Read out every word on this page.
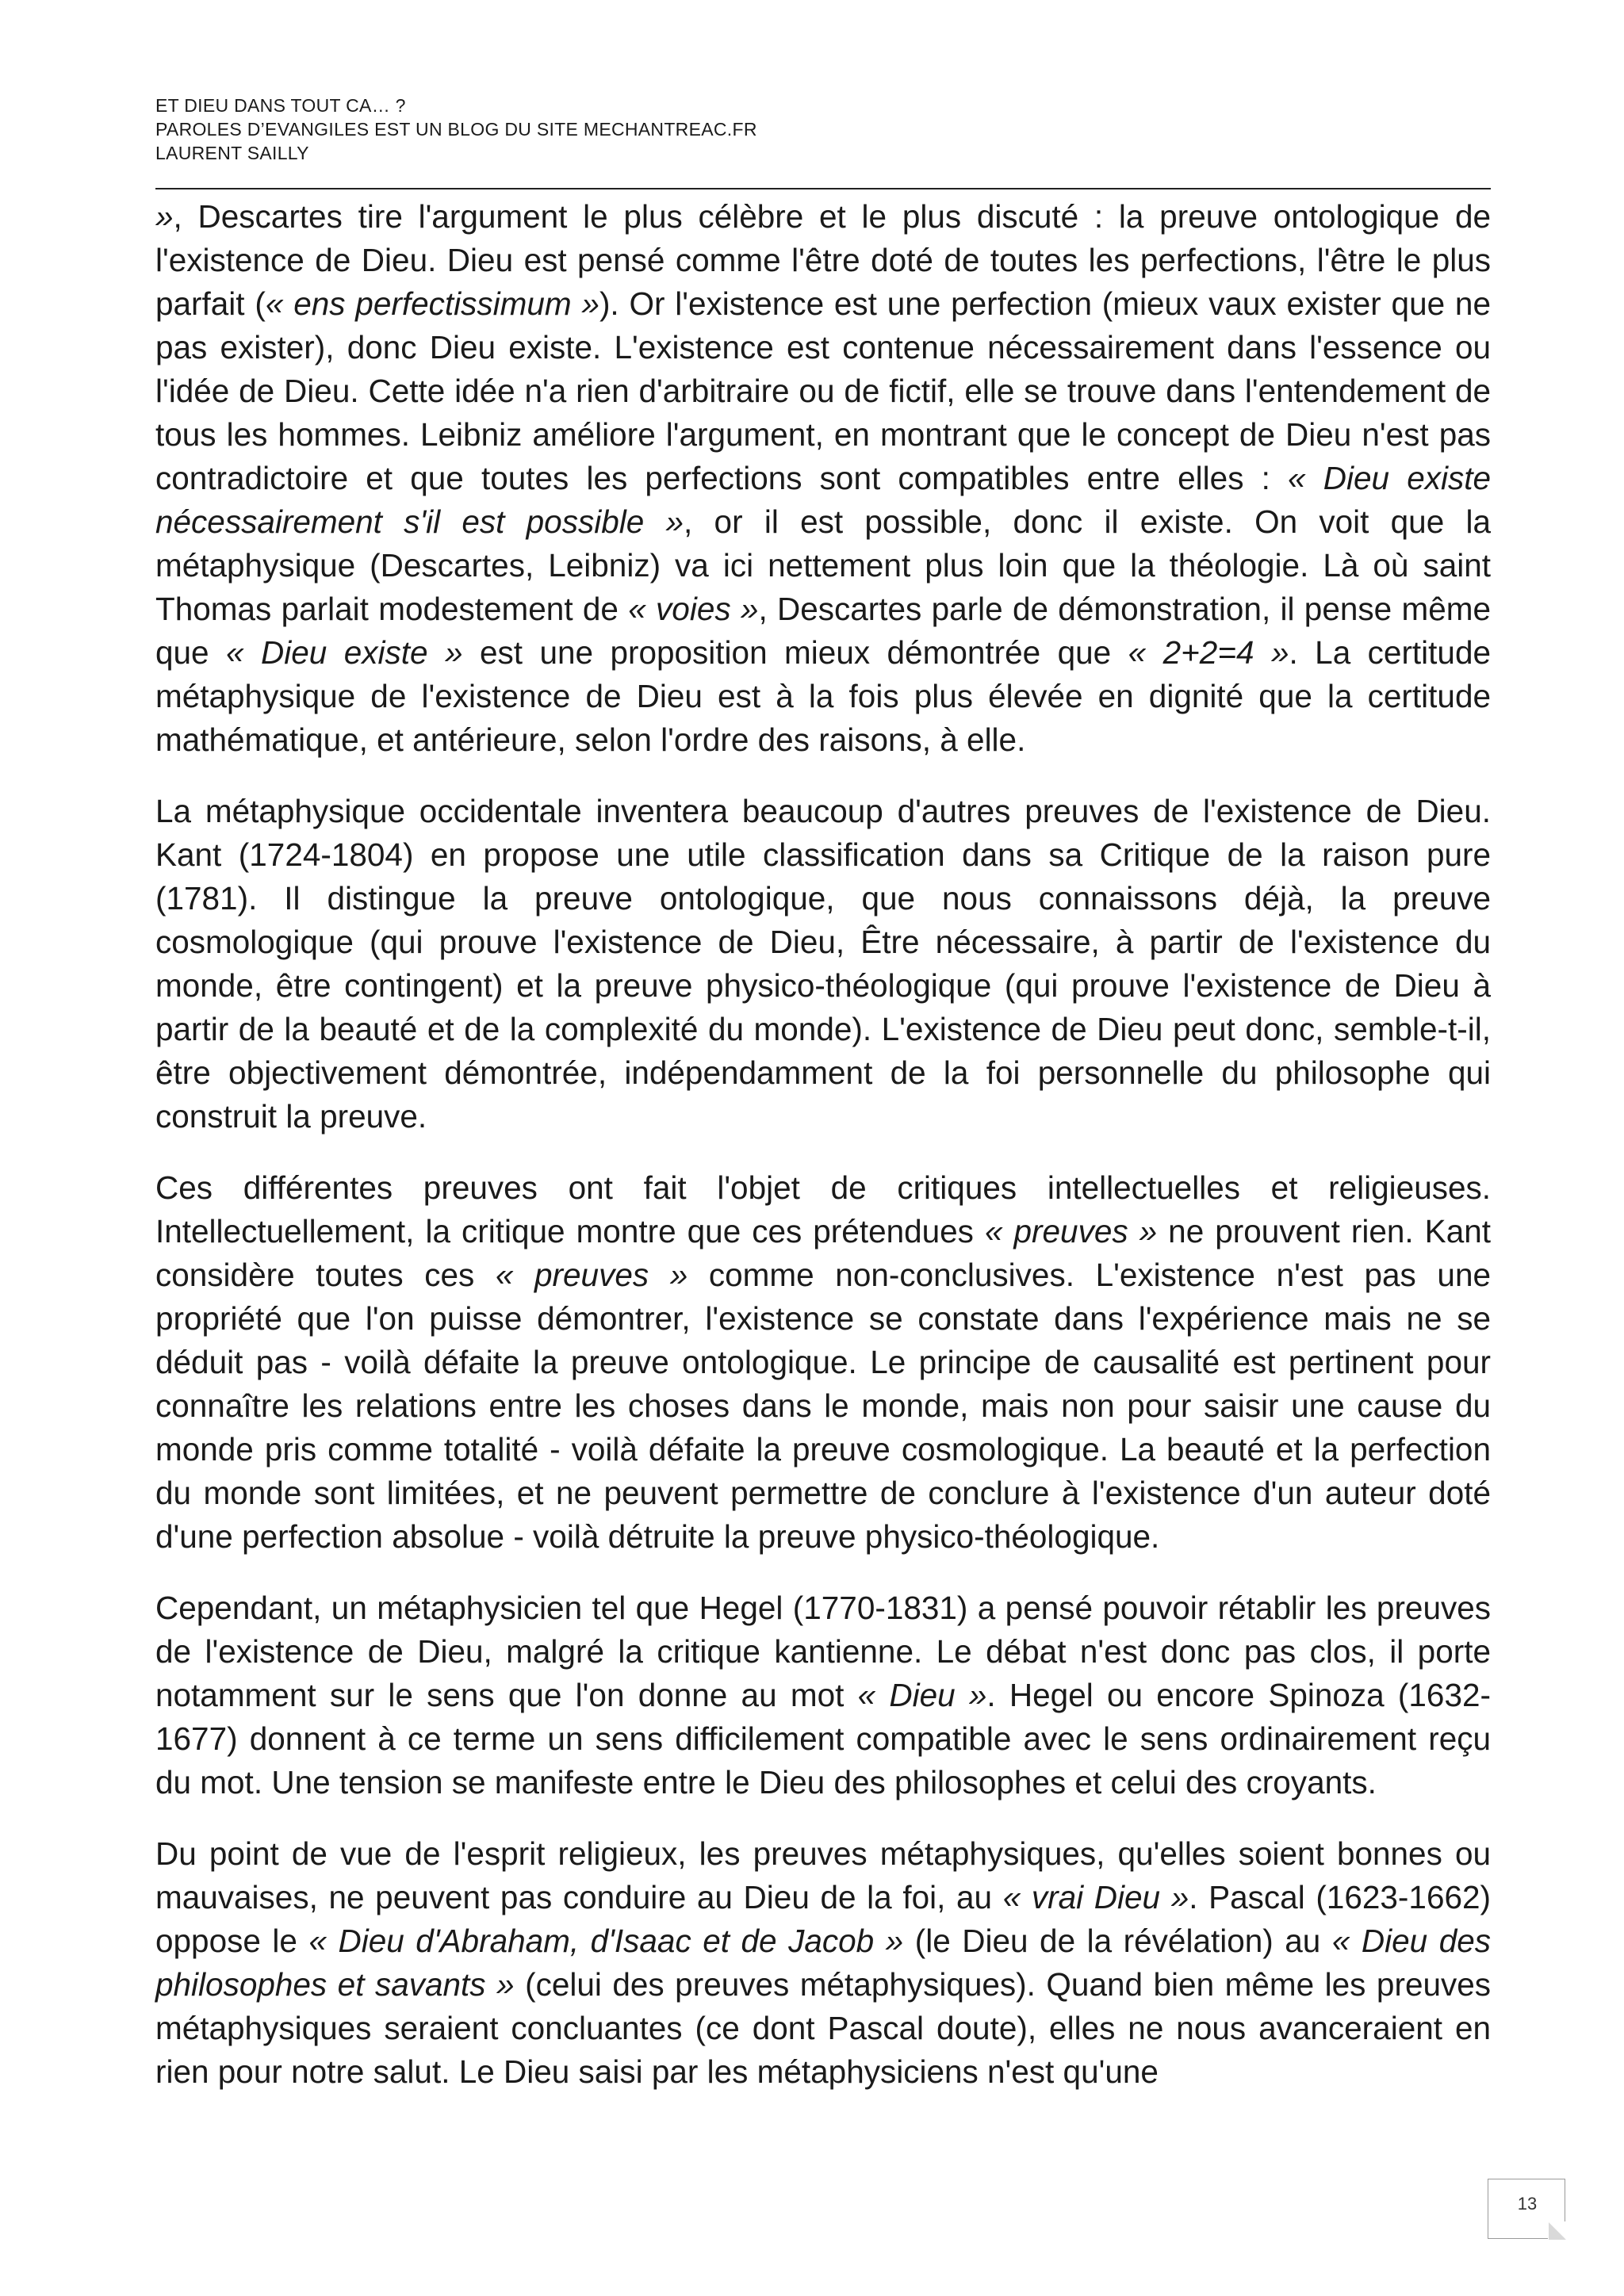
ET DIEU DANS TOUT CA… ?
PAROLES D’EVANGILES EST UN BLOG DU SITE MECHANTREAC.FR
LAURENT SAILLY

», Descartes tire l'argument le plus célèbre et le plus discuté : la preuve ontologique de l'existence de Dieu. Dieu est pensé comme l'être doté de toutes les perfections, l'être le plus parfait (« ens perfectissimum »). Or l'existence est une perfection (mieux vaux exister que ne pas exister), donc Dieu existe. L'existence est contenue nécessairement dans l'essence ou l'idée de Dieu. Cette idée n'a rien d'arbitraire ou de fictif, elle se trouve dans l'entendement de tous les hommes. Leibniz améliore l'argument, en montrant que le concept de Dieu n'est pas contradictoire et que toutes les perfections sont compatibles entre elles : « Dieu existe nécessairement s'il est possible », or il est possible, donc il existe. On voit que la métaphysique (Descartes, Leibniz) va ici nettement plus loin que la théologie. Là où saint Thomas parlait modestement de « voies », Descartes parle de démonstration, il pense même que « Dieu existe » est une proposition mieux démontrée que « 2+2=4 ». La certitude métaphysique de l'existence de Dieu est à la fois plus élevée en dignité que la certitude mathématique, et antérieure, selon l'ordre des raisons, à elle.

La métaphysique occidentale inventera beaucoup d'autres preuves de l'existence de Dieu. Kant (1724-1804) en propose une utile classification dans sa Critique de la raison pure (1781). Il distingue la preuve ontologique, que nous connaissons déjà, la preuve cosmologique (qui prouve l'existence de Dieu, Être nécessaire, à partir de l'existence du monde, être contingent) et la preuve physico-théologique (qui prouve l'existence de Dieu à partir de la beauté et de la complexité du monde). L'existence de Dieu peut donc, semble-t-il, être objectivement démontrée, indépendamment de la foi personnelle du philosophe qui construit la preuve.

Ces différentes preuves ont fait l'objet de critiques intellectuelles et religieuses. Intellectuellement, la critique montre que ces prétendues « preuves » ne prouvent rien. Kant considère toutes ces « preuves » comme non-conclusives. L'existence n'est pas une propriété que l'on puisse démontrer, l'existence se constate dans l'expérience mais ne se déduit pas - voilà défaite la preuve ontologique. Le principe de causalité est pertinent pour connaître les relations entre les choses dans le monde, mais non pour saisir une cause du monde pris comme totalité - voilà défaite la preuve cosmologique. La beauté et la perfection du monde sont limitées, et ne peuvent permettre de conclure à l'existence d'un auteur doté d'une perfection absolue - voilà détruite la preuve physico-théologique.

Cependant, un métaphysicien tel que Hegel (1770-1831) a pensé pouvoir rétablir les preuves de l'existence de Dieu, malgré la critique kantienne. Le débat n'est donc pas clos, il porte notamment sur le sens que l'on donne au mot « Dieu ». Hegel ou encore Spinoza (1632-1677) donnent à ce terme un sens difficilement compatible avec le sens ordinairement reçu du mot. Une tension se manifeste entre le Dieu des philosophes et celui des croyants.

Du point de vue de l'esprit religieux, les preuves métaphysiques, qu'elles soient bonnes ou mauvaises, ne peuvent pas conduire au Dieu de la foi, au « vrai Dieu ». Pascal (1623-1662) oppose le « Dieu d'Abraham, d'Isaac et de Jacob » (le Dieu de la révélation) au « Dieu des philosophes et savants » (celui des preuves métaphysiques). Quand bien même les preuves métaphysiques seraient concluantes (ce dont Pascal doute), elles ne nous avanceraient en rien pour notre salut. Le Dieu saisi par les métaphysiciens n'est qu'une

13
